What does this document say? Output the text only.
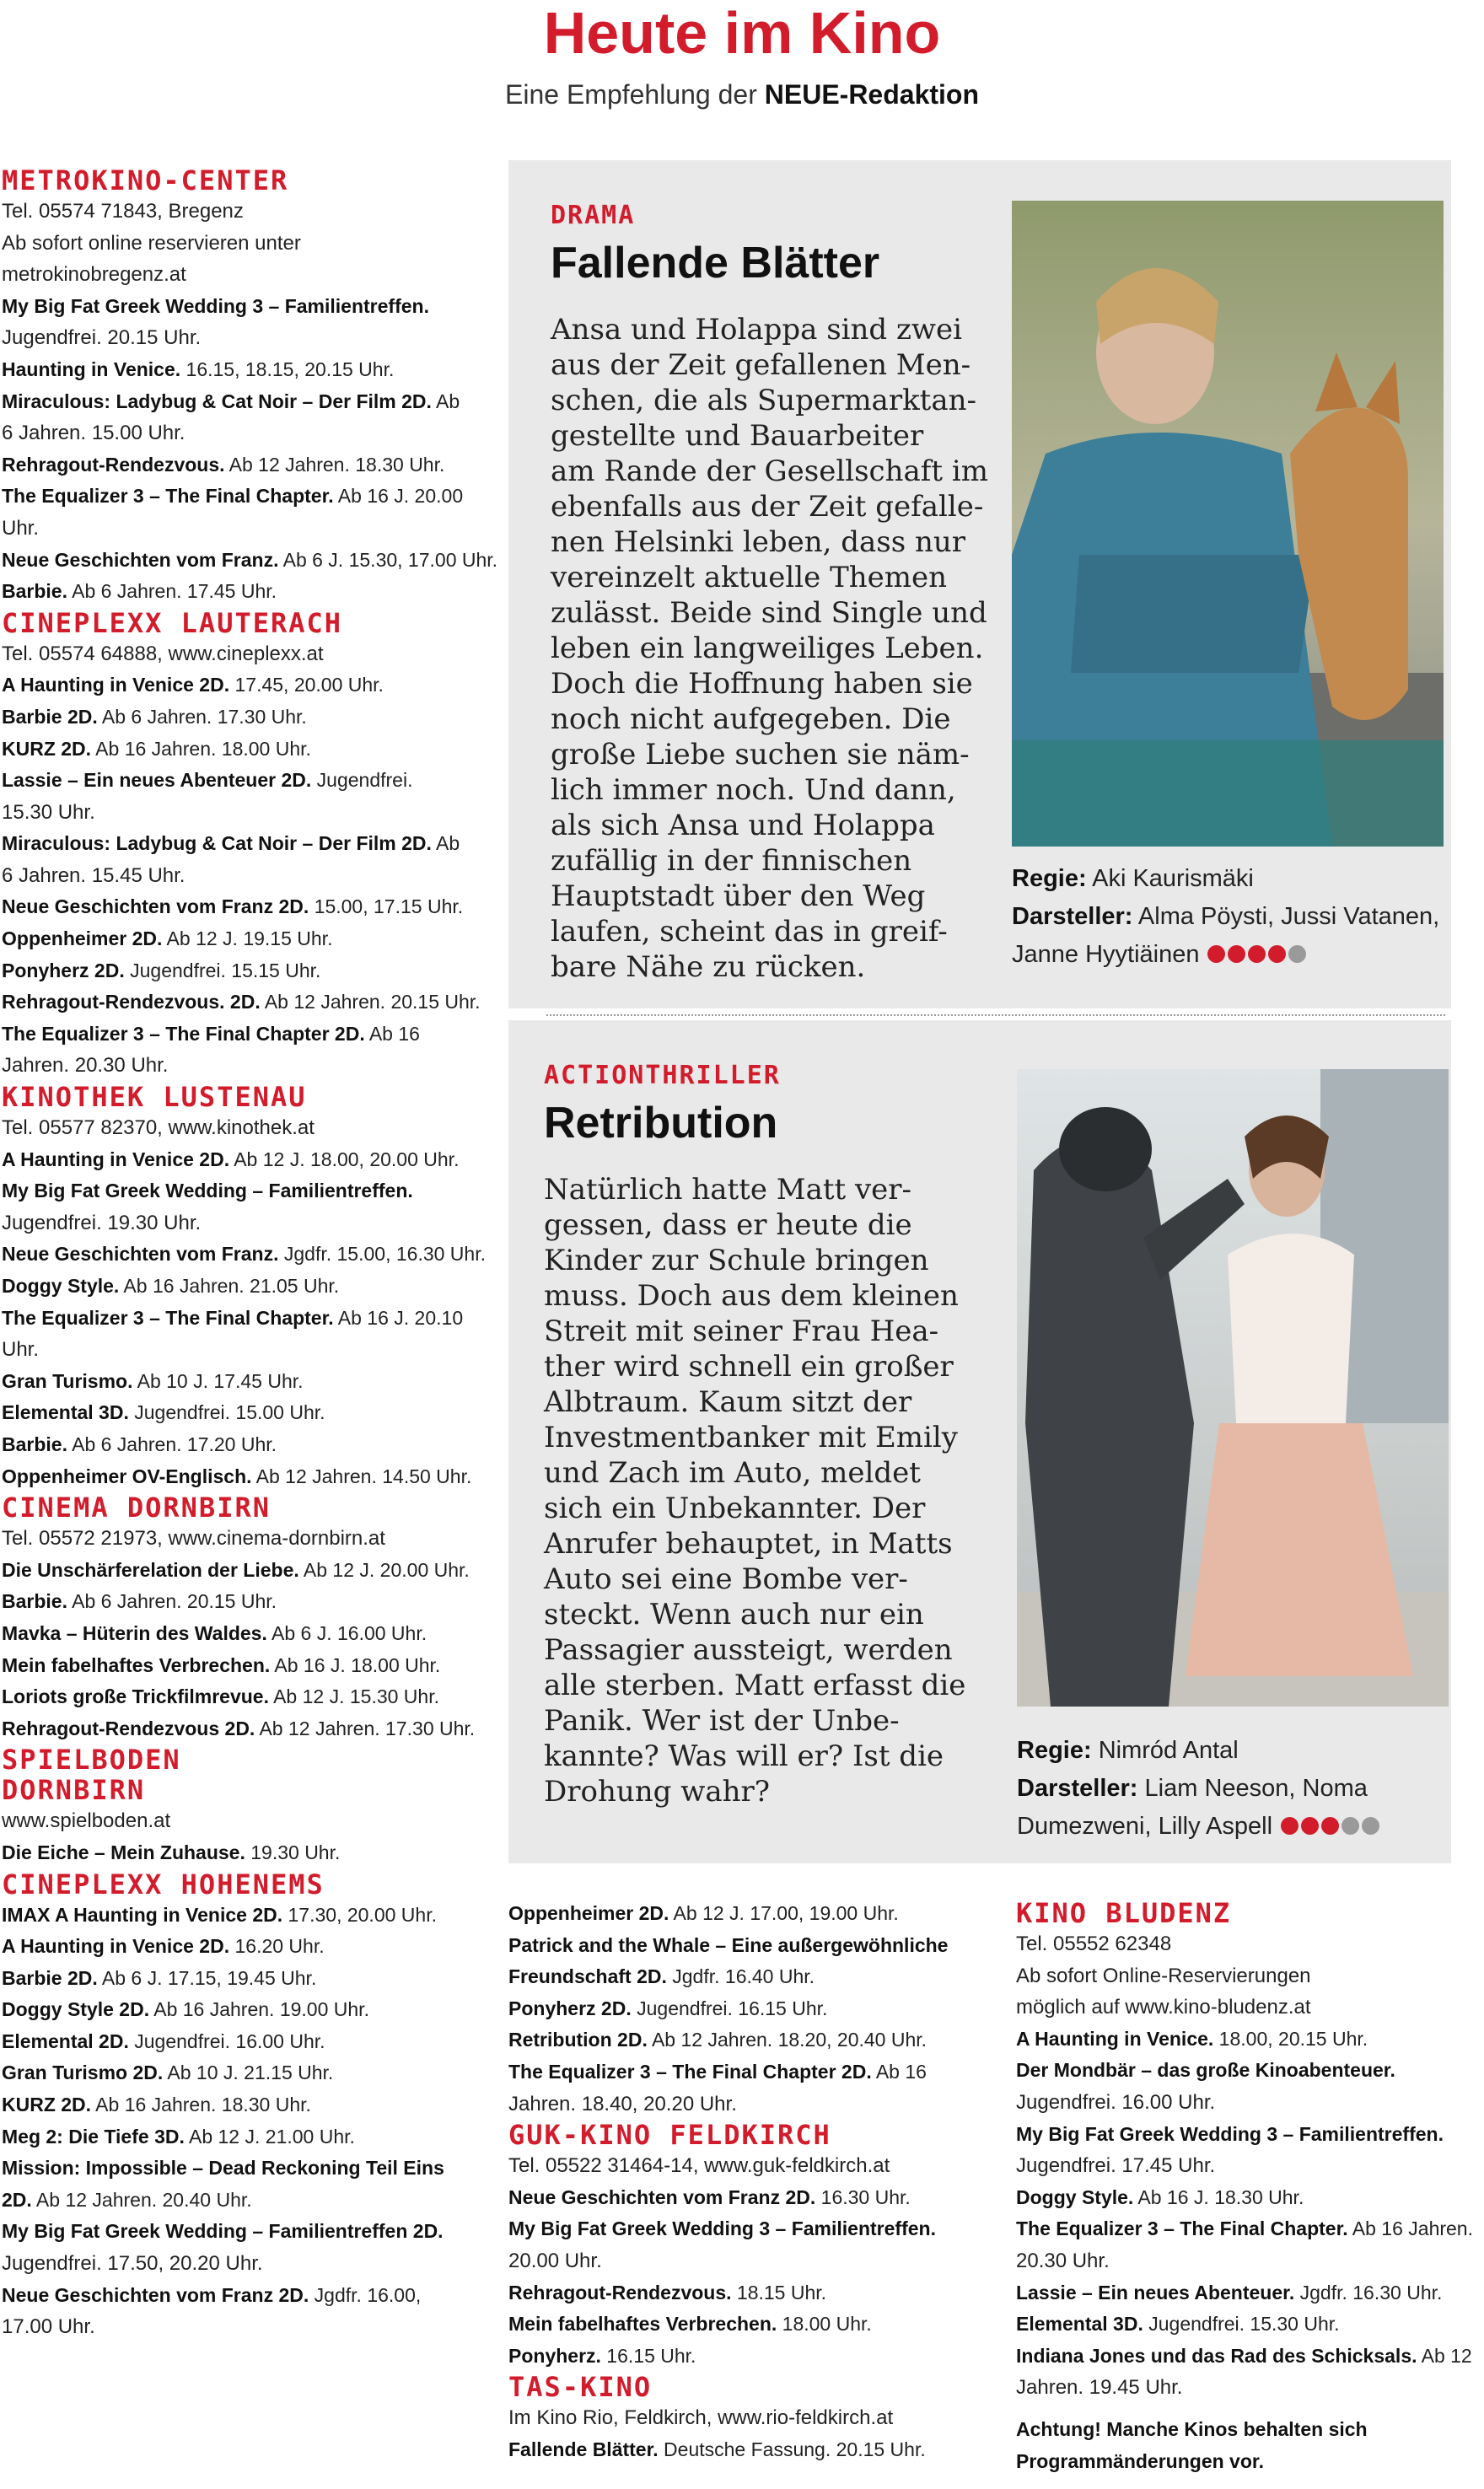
Heute im Kino
Eine Empfehlung der NEUE-Redaktion
METROKINO-CENTER
Tel. 05574 71843, Bregenz
Ab sofort online reservieren unter
metrokinobregenz.at
My Big Fat Greek Wedding 3 – Familientreffen.
Jugendfrei. 20.15 Uhr.
Haunting in Venice. 16.15, 18.15, 20.15 Uhr.
Miraculous: Ladybug & Cat Noir – Der Film 2D. Ab
6 Jahren. 15.00 Uhr.
Rehragout-Rendezvous. Ab 12 Jahren. 18.30 Uhr.
The Equalizer 3 – The Final Chapter. Ab 16 J. 20.00
Uhr.
Neue Geschichten vom Franz. Ab 6 J. 15.30, 17.00 Uhr.
Barbie. Ab 6 Jahren. 17.45 Uhr.
CINEPLEXX LAUTERACH
Tel. 05574 64888, www.cineplexx.at
A Haunting in Venice 2D. 17.45, 20.00 Uhr.
Barbie 2D. Ab 6 Jahren. 17.30 Uhr.
KURZ 2D. Ab 16 Jahren. 18.00 Uhr.
Lassie – Ein neues Abenteuer 2D. Jugendfrei.
15.30 Uhr.
Miraculous: Ladybug & Cat Noir – Der Film 2D. Ab
6 Jahren. 15.45 Uhr.
Neue Geschichten vom Franz 2D. 15.00, 17.15 Uhr.
Oppenheimer 2D. Ab 12 J. 19.15 Uhr.
Ponyherz 2D. Jugendfrei. 15.15 Uhr.
Rehragout-Rendezvous. 2D. Ab 12 Jahren. 20.15 Uhr.
The Equalizer 3 – The Final Chapter 2D. Ab 16
Jahren. 20.30 Uhr.
KINOTHEK LUSTENAU
Tel. 05577 82370, www.kinothek.at
A Haunting in Venice 2D. Ab 12 J. 18.00, 20.00 Uhr.
My Big Fat Greek Wedding – Familientreffen.
Jugendfrei. 19.30 Uhr.
Neue Geschichten vom Franz. Jgdfr. 15.00, 16.30 Uhr.
Doggy Style. Ab 16 Jahren. 21.05 Uhr.
The Equalizer 3 – The Final Chapter. Ab 16 J. 20.10
Uhr.
Gran Turismo. Ab 10 J. 17.45 Uhr.
Elemental 3D. Jugendfrei. 15.00 Uhr.
Barbie. Ab 6 Jahren. 17.20 Uhr.
Oppenheimer OV-Englisch. Ab 12 Jahren. 14.50 Uhr.
CINEMA DORNBIRN
Tel. 05572 21973, www.cinema-dornbirn.at
Die Unschärferelation der Liebe. Ab 12 J. 20.00 Uhr.
Barbie. Ab 6 Jahren. 20.15 Uhr.
Mavka – Hüterin des Waldes. Ab 6 J. 16.00 Uhr.
Mein fabelhaftes Verbrechen. Ab 16 J. 18.00 Uhr.
Loriots große Trickfilmrevue. Ab 12 J. 15.30 Uhr.
Rehragout-Rendezvous 2D. Ab 12 Jahren. 17.30 Uhr.
SPIELBODEN
DORNBIRN
www.spielboden.at
Die Eiche – Mein Zuhause. 19.30 Uhr.
CINEPLEXX HOHENEMS
IMAX A Haunting in Venice 2D. 17.30, 20.00 Uhr.
A Haunting in Venice 2D. 16.20 Uhr.
Barbie 2D. Ab 6 J. 17.15, 19.45 Uhr.
Doggy Style 2D. Ab 16 Jahren. 19.00 Uhr.
Elemental 2D. Jugendfrei. 16.00 Uhr.
Gran Turismo 2D. Ab 10 J. 21.15 Uhr.
KURZ 2D. Ab 16 Jahren. 18.30 Uhr.
Meg 2: Die Tiefe 3D. Ab 12 J. 21.00 Uhr.
Mission: Impossible – Dead Reckoning Teil Eins
2D. Ab 12 Jahren. 20.40 Uhr.
My Big Fat Greek Wedding – Familientreffen 2D.
Jugendfrei. 17.50, 20.20 Uhr.
Neue Geschichten vom Franz 2D. Jgdfr. 16.00,
17.00 Uhr.
DRAMA
Fallende Blätter
Ansa und Holappa sind zwei
aus der Zeit gefallenen Men-
schen, die als Supermarktan-
gestellte und Bauarbeiter
am Rande der Gesellschaft im
ebenfalls aus der Zeit gefalle-
nen Helsinki leben, dass nur
vereinzelt aktuelle Themen
zulässt. Beide sind Single und
leben ein langweiliges Leben.
Doch die Hoffnung haben sie
noch nicht aufgegeben. Die
große Liebe suchen sie näm-
lich immer noch. Und dann,
als sich Ansa und Holappa
zufällig in der finnischen
Hauptstadt über den Weg
laufen, scheint das in greif-
bare Nähe zu rücken.
Regie: Aki Kaurismäki
Darsteller: Alma Pöysti, Jussi Vatanen,
Janne Hyytiäinen
ACTIONTHRILLER
Retribution
Natürlich hatte Matt ver-
gessen, dass er heute die
Kinder zur Schule bringen
muss. Doch aus dem kleinen
Streit mit seiner Frau Hea-
ther wird schnell ein großer
Albtraum. Kaum sitzt der
Investmentbanker mit Emily
und Zach im Auto, meldet
sich ein Unbekannter. Der
Anrufer behauptet, in Matts
Auto sei eine Bombe ver-
steckt. Wenn auch nur ein
Passagier aussteigt, werden
alle sterben. Matt erfasst die
Panik. Wer ist der Unbe-
kannte? Was will er? Ist die
Drohung wahr?
Regie: Nimród Antal
Darsteller: Liam Neeson, Noma
Dumezweni, Lilly Aspell
Oppenheimer 2D. Ab 12 J. 17.00, 19.00 Uhr.
Patrick and the Whale – Eine außergewöhnliche
Freundschaft 2D. Jgdfr. 16.40 Uhr.
Ponyherz 2D. Jugendfrei. 16.15 Uhr.
Retribution 2D. Ab 12 Jahren. 18.20, 20.40 Uhr.
The Equalizer 3 – The Final Chapter 2D. Ab 16
Jahren. 18.40, 20.20 Uhr.
GUK-KINO FELDKIRCH
Tel. 05522 31464-14, www.guk-feldkirch.at
Neue Geschichten vom Franz 2D. 16.30 Uhr.
My Big Fat Greek Wedding 3 – Familientreffen.
20.00 Uhr.
Rehragout-Rendezvous. 18.15 Uhr.
Mein fabelhaftes Verbrechen. 18.00 Uhr.
Ponyherz. 16.15 Uhr.
TAS-KINO
Im Kino Rio, Feldkirch, www.rio-feldkirch.at
Fallende Blätter. Deutsche Fassung. 20.15 Uhr.
KINO BLUDENZ
Tel. 05552 62348
Ab sofort Online-Reservierungen
möglich auf www.kino-bludenz.at
A Haunting in Venice. 18.00, 20.15 Uhr.
Der Mondbär – das große Kinoabenteuer.
Jugendfrei. 16.00 Uhr.
My Big Fat Greek Wedding 3 – Familientreffen.
Jugendfrei. 17.45 Uhr.
Doggy Style. Ab 16 J. 18.30 Uhr.
The Equalizer 3 – The Final Chapter. Ab 16 Jahren.
20.30 Uhr.
Lassie – Ein neues Abenteuer. Jgdfr. 16.30 Uhr.
Elemental 3D. Jugendfrei. 15.30 Uhr.
Indiana Jones und das Rad des Schicksals. Ab 12
Jahren. 19.45 Uhr.
Achtung! Manche Kinos behalten sich
Programmänderungen vor.
